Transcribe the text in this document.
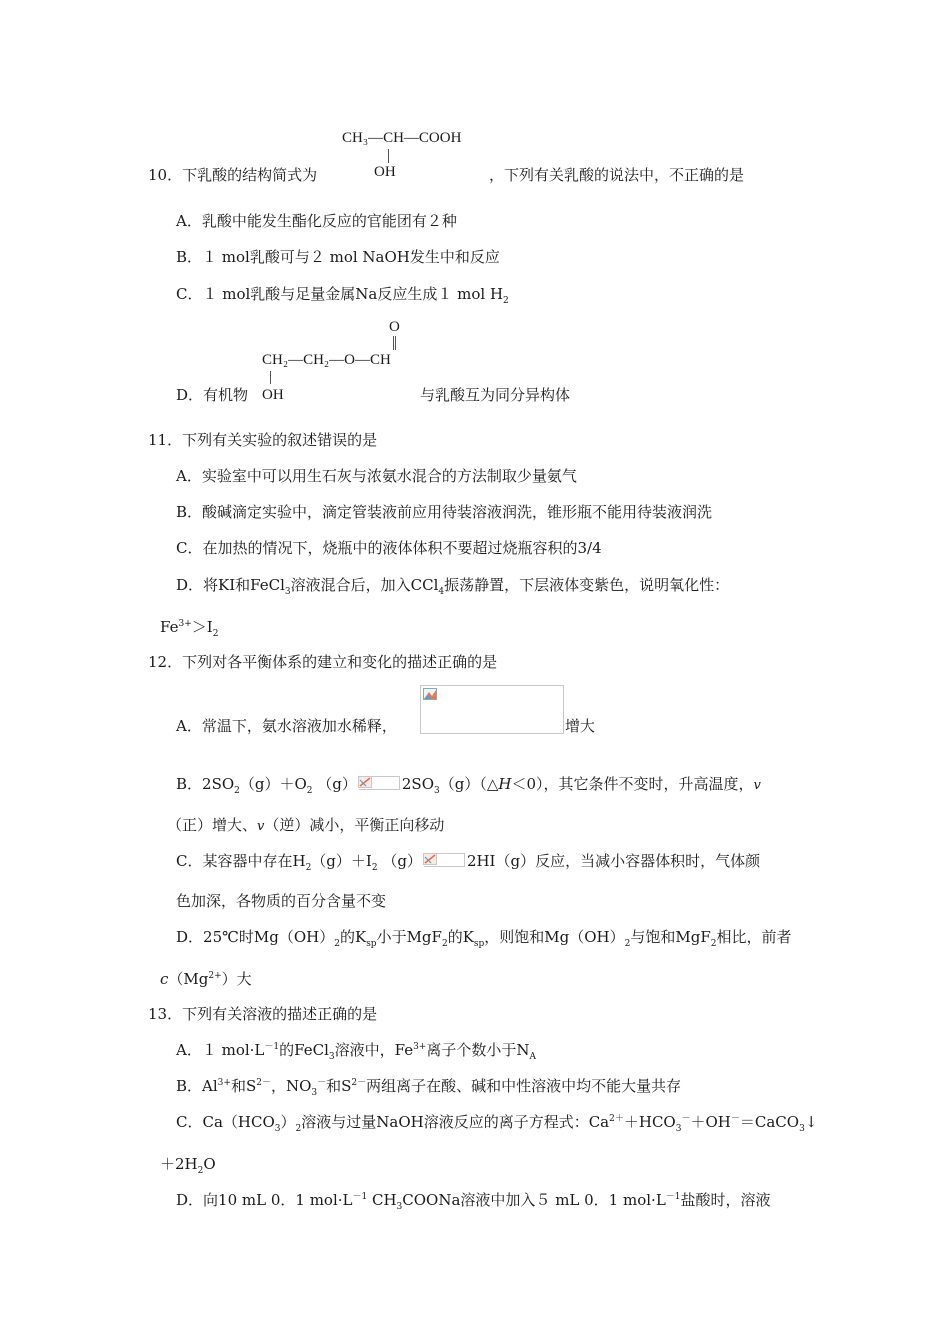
CH₃—CH—COOH
OH
10．下乳酸的结构简式为	，下列有关乳酸的说法中，不正确的是
A．乳酸中能发生酯化反应的官能团有２种
B．１ mol乳酸可与２ mol NaOH发生中和反应
C．１ mol乳酸与足量金属Na反应生成１ mol $H_2$
O
CH₂—CH₂—O—CH
D．有机物 OH	与乳酸互为同分异构体
11．下列有关实验的叙述错误的是
A．实验室中可以用生石灰与浓氨水混合的方法制取少量氨气
B．酸碱滴定实验中，滴定管装液前应用待装溶液润洗，锥形瓶不能用待装液润洗
C．在加热的情况下，烧瓶中的液体体积不要超过烧瓶容积的3/4
D．将KI和FeCl$_3$溶液混合后，加入CCl$_4$振荡静置，下层液体变紫色，说明氧化性：
$Fe^{3+}>I_2$
12．下列对各平衡体系的建立和变化的描述正确的是
A．常温下，氨水溶液加水稀释，	增大
B．$2SO_2(g)+O_2$ （g）	$2SO_3(g)(\triangle H<0)$，其它条件不变时，升高温度，v
（正）增大、v（逆）减小，平衡正向移动
C．某容器中存在$H_2(g)+I_2$ （g）	2HI（g）反应，当减小容器体积时，气体颜
色加深，各物质的百分含量不变
D．25℃时$Mg(OH)_2$的$K_{sp}$小于MgF$_2$的$K_{sp}$，则饱和$Mg(OH)_2$与饱和MgF$_2$相比，前者
$c(Mg^{2+})$大
13．下列有关溶液的描述正确的是
A．１ $mol\cdot L^{-1}$的FeCl$_3$溶液中，$Fe^{3+}$离子个数小于$N_A$
B．$Al^{3+}$和$S^{2-}$，$NO_3^-$和$S^{2-}$两组离子在酸、碱和中性溶液中均不能大量共存
C．$Ca(HCO_3)_2$溶液与过量NaOH溶液反应的离子方程式：$Ca^{2+}+HCO_3^-+OH^-=CaCO_3↓$
$+2H_2O$
D．向10 mL 0．1 $mol\cdot L^{-1}$ $CH_3COONa$溶液中加入５ mL 0．1 $mol\cdot L^{-1}$盐酸时，溶液
